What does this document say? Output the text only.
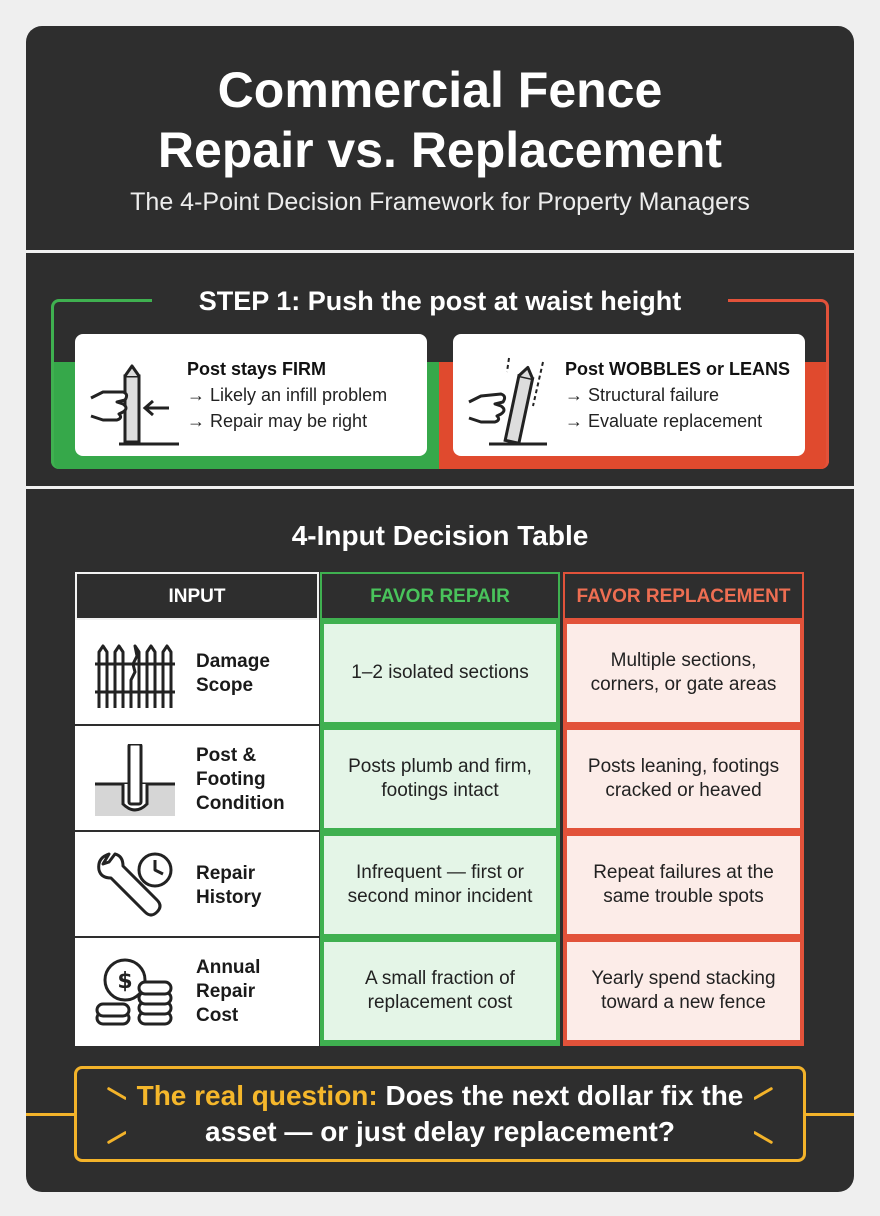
Commercial Fence
Repair vs. Replacement
The 4-Point Decision Framework for Property Managers
STEP 1: Push the post at waist height
Post stays FIRM
→ Likely an infill problem
→ Repair may be right
Post WOBBLES or LEANS
→ Structural failure
→ Evaluate replacement
4-Input Decision Table
INPUT	FAVOR REPAIR	FAVOR REPLACEMENT
Damage
Scope
Post &
Footing
Condition
Repair
History
$
Annual
Repair
Cost
1–2 isolated sections
Posts plumb and firm,
footings intact
Infrequent — first or
second minor incident
A small fraction of
replacement cost
Multiple sections,
corners, or gate areas
Posts leaning, footings
cracked or heaved
Repeat failures at the
same trouble spots
Yearly spend stacking
toward a new fence
The real question: Does the next dollar fix the asset — or just delay replacement?
